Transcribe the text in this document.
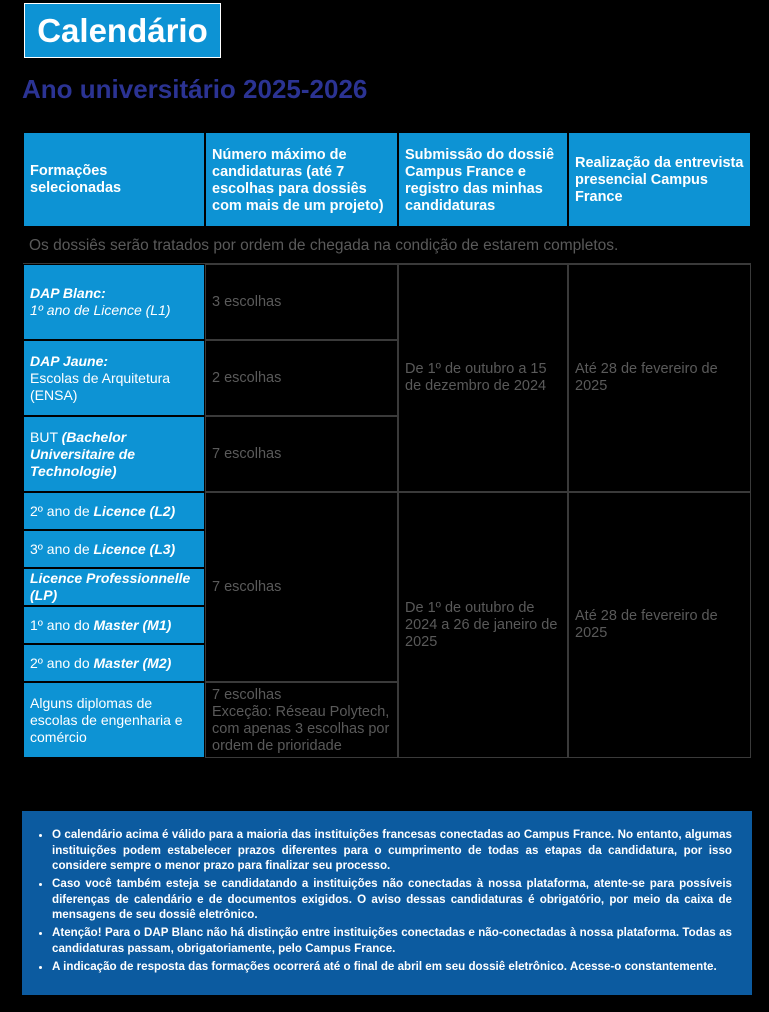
Calendário
Ano universitário 2025-2026
Formações selecionadas
Número máximo de candidaturas (até 7 escolhas para dossiês com mais de um projeto)
Submissão do dossiê Campus France e registro das minhas candidaturas
Realização da entrevista presencial Campus France
Os dossiês serão tratados por ordem de chegada na condição de estarem completos.
DAP Blanc:
1º ano de Licence (L1)
3 escolhas
DAP Jaune:
Escolas de Arquitetura (ENSA)
2 escolhas
BUT (Bachelor Universitaire de Technologie)
7 escolhas
De 1º de outubro a 15 de dezembro de 2024
Até 28 de fevereiro de 2025
2º ano de Licence (L2)
3º ano de Licence (L3)
Licence Professionnelle (LP)
1º ano do Master (M1)
2º ano do Master (M2)
Alguns diplomas de escolas de engenharia e comércio
7 escolhas
7 escolhas
Exceção: Réseau Polytech, com apenas 3 escolhas por ordem de prioridade
De 1º de outubro de 2024 a 26 de janeiro de 2025
Até 28 de fevereiro de 2025
• O calendário acima é válido para a maioria das instituições francesas conectadas ao Campus France. No entanto, algumas instituições podem estabelecer prazos diferentes para o cumprimento de todas as etapas da candidatura, por isso considere sempre o menor prazo para finalizar seu processo.
• Caso você também esteja se candidatando a instituições não conectadas à nossa plataforma, atente-se para possíveis diferenças de calendário e de documentos exigidos. O aviso dessas candidaturas é obrigatório, por meio da caixa de mensagens de seu dossiê eletrônico.
• Atenção! Para o DAP Blanc não há distinção entre instituições conectadas e não-conectadas à nossa plataforma. Todas as candidaturas passam, obrigatoriamente, pelo Campus France.
• A indicação de resposta das formações ocorrerá até o final de abril em seu dossiê eletrônico. Acesse-o constantemente.
